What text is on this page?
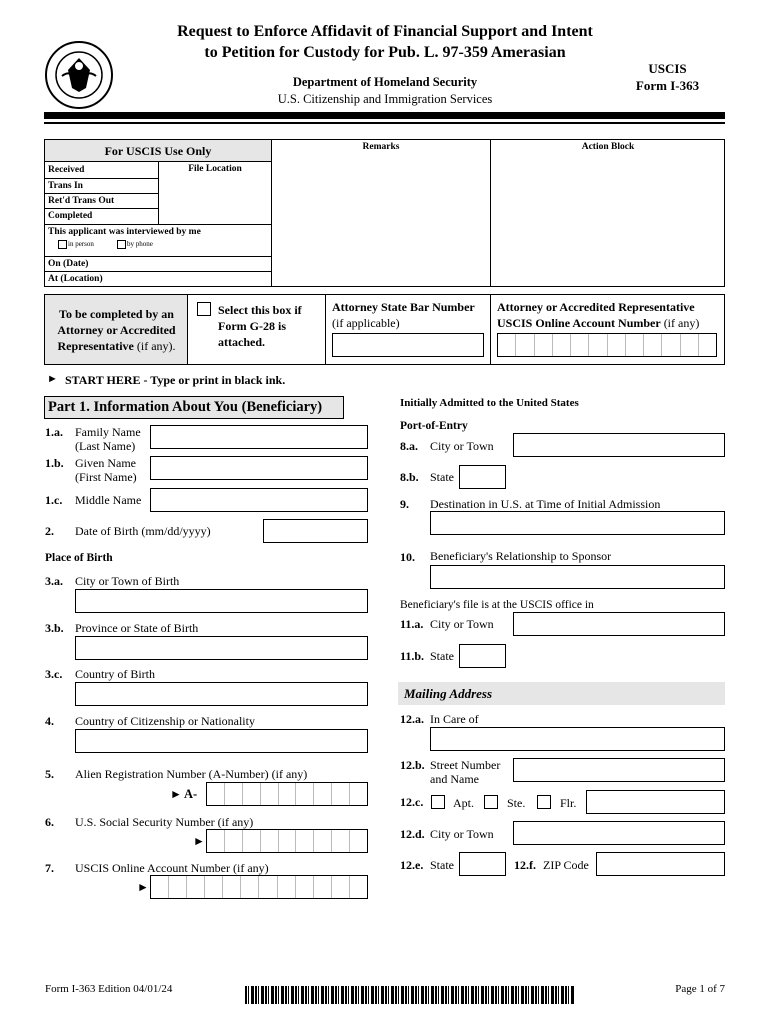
Request to Enforce Affidavit of Financial Support and Intent
to Petition for Custody for Pub. L. 97-359 Amerasian
Department of Homeland Security
U.S. Citizenship and Immigration Services
USCIS
Form I-363
For USCIS Use Only
File Location
Received
Trans In
Ret'd Trans Out
Completed
This applicant was interviewed by me
in person	by phone
On (Date)
At (Location)
Remarks	Action Block
To be completed by an
Attorney or Accredited
Representative (if any).
Select this box if
Form G-28 is
attached.
Attorney State Bar Number
(if applicable)
Attorney or Accredited Representative
USCIS Online Account Number (if any)
► START HERE - Type or print in black ink.
Part 1. Information About You (Beneficiary)
1.a. Family Name
(Last Name)
1.b. Given Name
(First Name)
1.c. Middle Name
2. Date of Birth (mm/dd/yyyy)
Place of Birth
3.a. City or Town of Birth
3.b. Province or State of Birth
3.c. Country of Birth
4. Country of Citizenship or Nationality
5. Alien Registration Number (A-Number) (if any)
► A-
6. U.S. Social Security Number (if any)
►
7. USCIS Online Account Number (if any)
►
Initially Admitted to the United States
Port-of-Entry
8.a. City or Town
8.b. State
9. Destination in U.S. at Time of Initial Admission
10. Beneficiary's Relationship to Sponsor
Beneficiary's file is at the USCIS office in
11.a. City or Town
11.b. State
Mailing Address
12.a. In Care of
12.b. Street Number
and Name
12.c. Apt.	Ste.	Flr.
12.d. City or Town
12.e. State	12.f. ZIP Code
Form I-363 Edition 04/01/24	Page 1 of 7
